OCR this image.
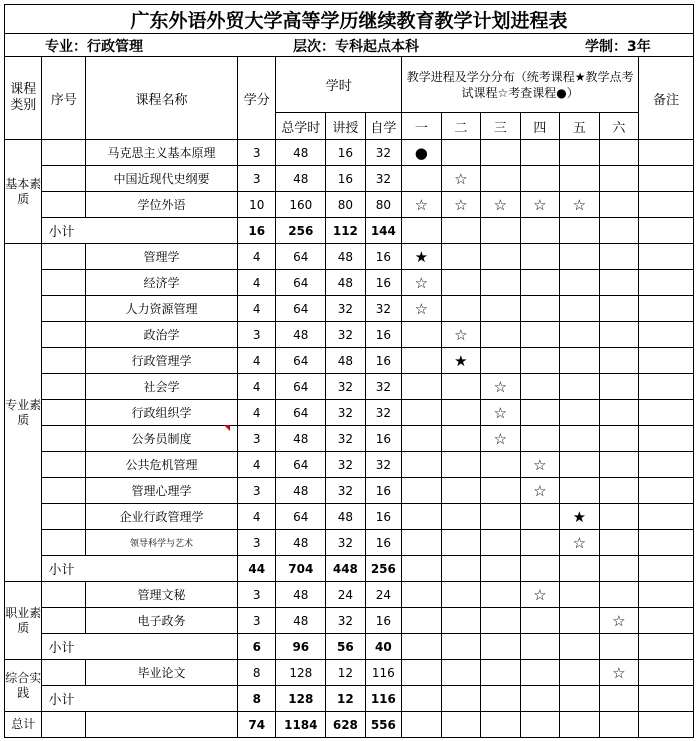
广东外语外贸大学高等学历继续教育教学计划进程表													

专业：行政管理 层次：专科起点本科 学制：3年													

课程类别	序号	课程名称	学分	学时			教学进程及学分分布（统考课程★教学点考试课程☆考查课程●）						备注
				总学时	讲授	自学	一	二	三	四	五	六	
基本素质		马克思主义基本原理	3	48	16	32	●						
		中国近现代史纲要	3	48	16	32		☆					
		学位外语	10	160	80	80	☆	☆	☆	☆	☆		
	小计		16	256	112	144							
专业素质		管理学	4	64	48	16	★						
		经济学	4	64	48	16	☆						
		人力资源管理	4	64	32	32	☆						
		政治学	3	48	32	16		☆					
		行政管理学	4	64	48	16		★					
		社会学	4	64	32	32			☆				
		行政组织学	4	64	32	32			☆				
		公务员制度	3	48	32	16			☆				
		公共危机管理	4	64	32	32				☆			
		管理心理学	3	48	32	16				☆			
		企业行政管理学	4	64	48	16					★		
		领导科学与艺术	3	48	32	16					☆		
	小计		44	704	448	256							
职业素质		管理文秘	3	48	24	24				☆			
		电子政务	3	48	32	16						☆	
	小计		6	96	56	40							
综合实践		毕业论文	8	128	12	116						☆	
	小计		8	128	12	116							
总计			74	1184	628	556							
